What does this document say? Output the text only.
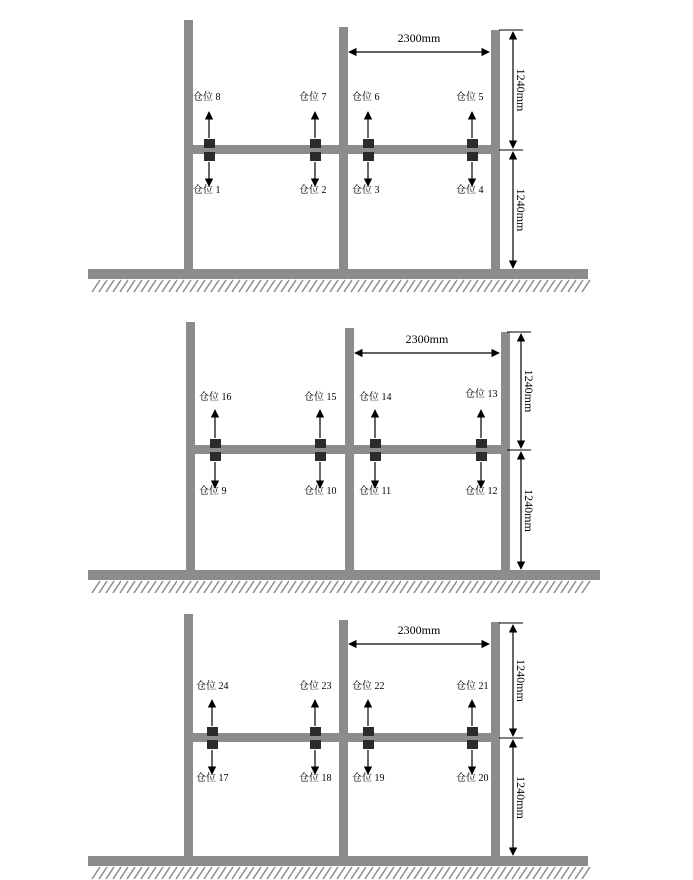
仓位 8
仓位 1
仓位 7
仓位 2
仓位 6
仓位 3
仓位 5
仓位 4
2300mm
1240mm
1240mm
仓位 16
仓位 9
仓位 15
仓位 10
仓位 14
仓位 11
仓位 13
仓位 12
2300mm
1240mm
1240mm
仓位 24
仓位 17
仓位 23
仓位 18
仓位 22
仓位 19
仓位 21
仓位 20
2300mm
1240mm
1240mm
